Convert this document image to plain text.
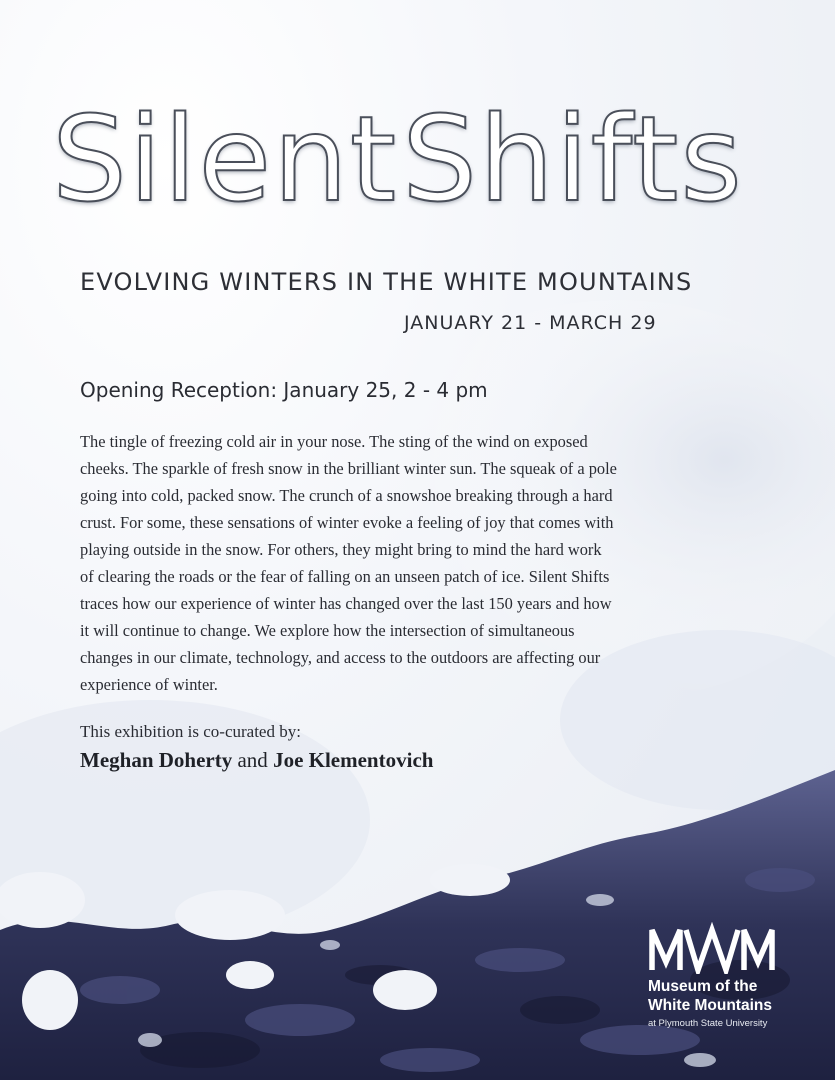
SilentShifts
EVOLVING WINTERS IN THE WHITE MOUNTAINS
JANUARY 21 - MARCH 29
Opening Reception: January 25, 2 - 4 pm
The tingle of freezing cold air in your nose. The sting of the wind on exposed
cheeks. The sparkle of fresh snow in the brilliant winter sun. The squeak of a pole
going into cold, packed snow. The crunch of a snowshoe breaking through a hard
crust. For some, these sensations of winter evoke a feeling of joy that comes with
playing outside in the snow. For others, they might bring to mind the hard work
of clearing the roads or the fear of falling on an unseen patch of ice. Silent Shifts
traces how our experience of winter has changed over the last 150 years and how
it will continue to change. We explore how the intersection of simultaneous
changes in our climate, technology, and access to the outdoors are affecting our
experience of winter.
This exhibition is co-curated by:
Meghan Doherty and Joe Klementovich
Museum of the
White Mountains
at Plymouth State University
